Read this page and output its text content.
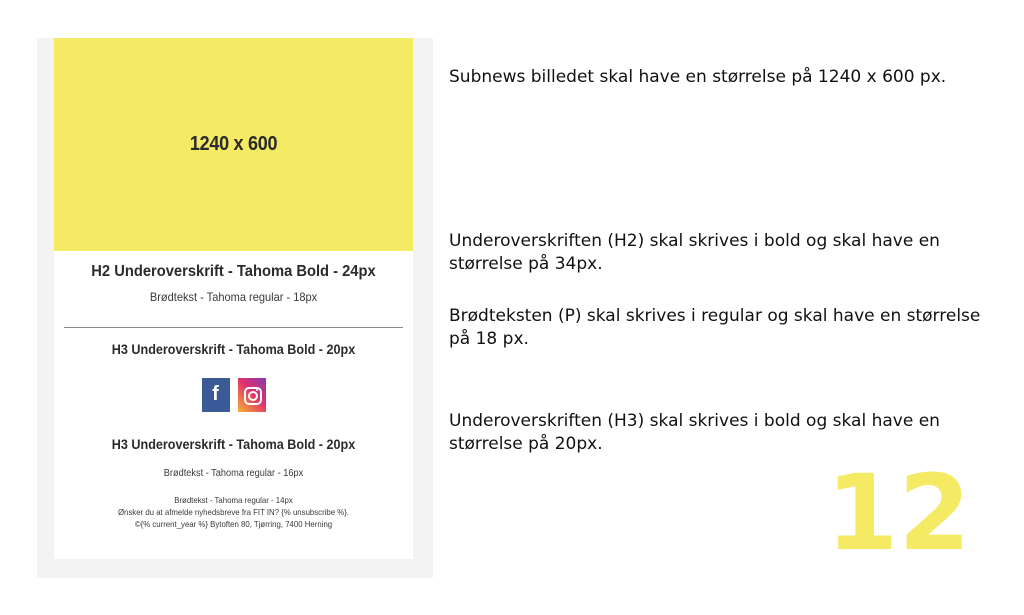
1240 x 600
H2 Underoverskrift - Tahoma Bold - 24px
Brødtekst - Tahoma regular - 18px
H3 Underoverskrift - Tahoma Bold - 20px
f
H3 Underoverskrift - Tahoma Bold - 20px
Brødtekst - Tahoma regular - 16px
Brødtekst - Tahoma regular - 14px
Ønsker du at afmelde nyhedsbreve fra FIT IN? {% unsubscribe %}.
©{% current_year %} Bytoften 80, Tjørring, 7400 Herning
Subnews billedet skal have en størrelse på 1240 x 600 px.
Underoverskriften (H2) skal skrives i bold og skal have en størrelse på 34px.
Brødteksten (P) skal skrives i regular og skal have en størrelse på 18 px.
Underoverskriften (H3) skal skrives i bold og skal have en størrelse på 20px.
12
